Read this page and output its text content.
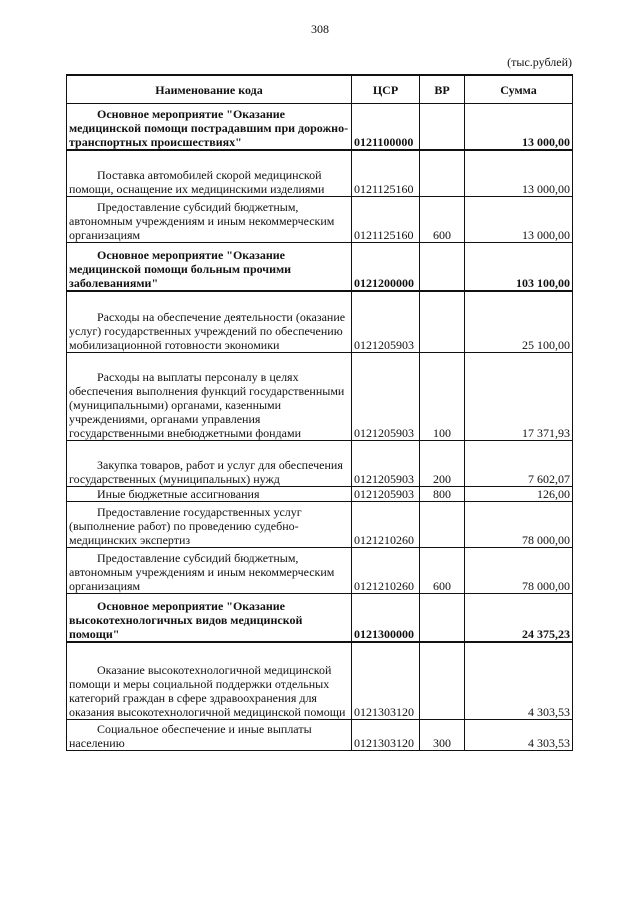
308
(тыс.рублей)
Наименование кода	ЦСР	ВР	Сумма
Основное мероприятие "Оказание медицинской помощи пострадавшим при дорожно-транспортных происшествиях"	0121100000		13 000,00
Поставка автомобилей скорой медицинской помощи, оснащение их медицинскими изделиями	0121125160		13 000,00
Предоставление субсидий бюджетным, автономным учреждениям и иным некоммерческим организациям	0121125160	600	13 000,00
Основное мероприятие "Оказание медицинской помощи больным прочими заболеваниями"	0121200000		103 100,00
Расходы на обеспечение деятельности (оказание услуг) государственных учреждений по обеспечению мобилизационной готовности экономики	0121205903		25 100,00
Расходы на выплаты персоналу в целях обеспечения выполнения функций государственными (муниципальными) органами, казенными учреждениями, органами управления государственными внебюджетными фондами	0121205903	100	17 371,93
Закупка товаров, работ и услуг для обеспечения государственных (муниципальных) нужд	0121205903	200	7 602,07
Иные бюджетные ассигнования	0121205903	800	126,00
Предоставление государственных услуг (выполнение работ) по проведению судебно-медицинских экспертиз	0121210260		78 000,00
Предоставление субсидий бюджетным, автономным учреждениям и иным некоммерческим организациям	0121210260	600	78 000,00
Основное мероприятие "Оказание высокотехнологичных видов медицинской помощи"	0121300000		24 375,23
Оказание высокотехнологичной медицинской помощи и меры социальной поддержки отдельных категорий граждан в сфере здравоохранения для оказания высокотехнологичной медицинской помощи	0121303120		4 303,53
Социальное обеспечение и иные выплаты населению	0121303120	300	4 303,53
